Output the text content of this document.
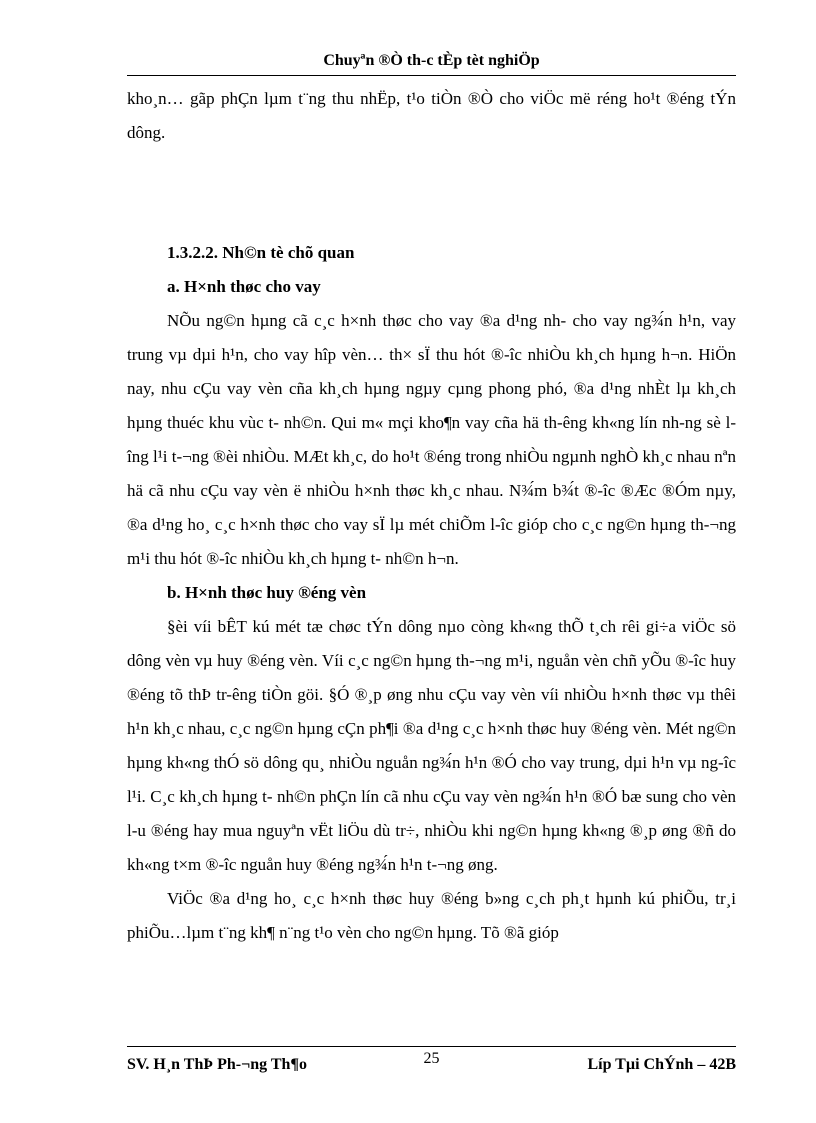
Chuyªn ®Ò th-c tÈp tèt nghiÖp

kho¸n… gãp phÇn lµm t¨ng thu nhËp, t¹o tiÒn ®Ò cho viÖc më réng ho¹t ®éng tÝn dông.

1.3.2.2. Nh©n tè chõ quan

a. H×nh thøc cho vay

NÕu ng©n hµng cã c¸c h×nh thøc cho vay ®a d¹ng nh- cho vay ng¾́n h¹n, vay trung vµ dµi h¹n, cho vay hîp vèn… th× sÏ thu hót ®-îc nhiÒu kh¸ch hµng h¬n. HiÖn nay, nhu cÇu vay vèn cña kh¸ch hµng ngµy cµng phong phó, ®a d¹ng nhÈt lµ kh¸ch hµng thuéc khu vùc t- nh©n. Qui m« mçi kho¶n vay cña hä th-êng kh«ng lín nh-ng sè l-îng l¹i t-¬ng ®èi nhiÒu. MÆt kh¸c, do ho¹t ®éng trong nhiÒu ngµnh nghÒ kh¸c nhau nªn hä cã nhu cÇu vay vèn ë nhiÒu h×nh thøc kh¸c nhau. N¾́m b¾́t ®-îc ®Æc ®Óm nµy, ®a d¹ng ho¸ c¸c h×nh thøc cho vay sÏ lµ mét chiÕm l-îc gióp cho c¸c ng©n hµng th-¬ng m¹i thu hót ®-îc nhiÒu kh¸ch hµng t- nh©n h¬n.

b. H×nh thøc huy ®éng vèn

§èi víi bÊT kú mét tæ chøc tÝn dông nµo còng kh«ng thÕ t¸ch rêi gi÷a viÖc sö dông vèn vµ huy ®éng vèn. Víi c¸c ng©n hµng th-¬ng m¹i, nguån vèn chñ yÕu ®-îc huy ®éng tõ thÞ tr-êng tiÒn göi. §Ó ®¸p øng nhu cÇu vay vèn víi nhiÒu h×nh thøc vµ thêi h¹n kh¸c nhau, c¸c ng©n hµng cÇn ph¶i ®a d¹ng c¸c h×nh thøc huy ®éng vèn. Mét ng©n hµng kh«ng thÓ sö dông qu¸ nhiÒu nguån ng¾́n h¹n ®Ó cho vay trung, dµi h¹n vµ ng-îc l¹i. C¸c kh¸ch hµng t- nh©n phÇn lín cã nhu cÇu vay vèn ng¾́n h¹n ®Ó bæ sung cho vèn l-u ®éng hay mua nguyªn vËt liÖu dù tr÷, nhiÒu khi ng©n hµng kh«ng ®¸p øng ®ñ do kh«ng t×m ®-îc nguån huy ®éng ng¾́n h¹n t-¬ng øng.

ViÖc ®a d¹ng ho¸ c¸c h×nh thøc huy ®éng b»ng c¸ch ph¸t hµnh kú phiÕu, tr¸i phiÕu…lµm t¨ng kh¶ n¨ng t¹o vèn cho ng©n hµng. Tõ ®ã gióp

SV. H¸n ThÞ Ph-¬ng Th¶o	25	Líp Tµi ChÝnh – 42B
